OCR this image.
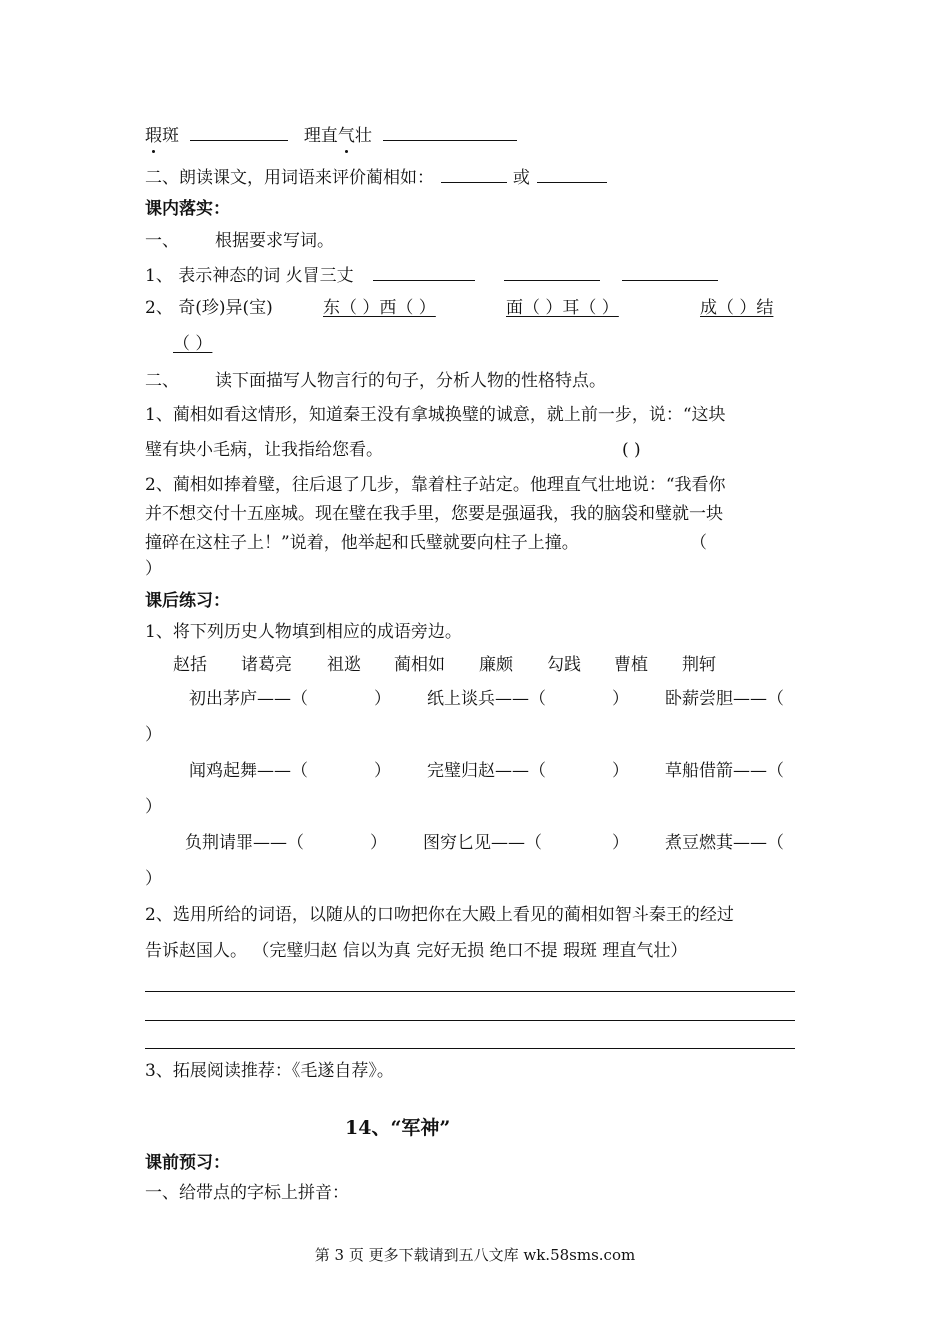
瑕斑	理直气壮
二、朗读课文，用词语来评价蔺相如：	或
课内落实：
一、 根据要求写词。
1、 表示神态的词 火冒三丈
2、 奇(珍)异(宝)	东（ ）西（ ）	面（ ）耳（ ）	成（ ）结
（ ）
二、 读下面描写人物言行的句子，分析人物的性格特点。
1、蔺相如看这情形，知道秦王没有拿城换璧的诚意，就上前一步，说：“这块
璧有块小毛病，让我指给您看。	( )
2、蔺相如捧着璧，往后退了几步，靠着柱子站定。他理直气壮地说：“我看你
并不想交付十五座城。现在璧在我手里，您要是强逼我，我的脑袋和璧就一块
撞碎在这柱子上！”说着，他举起和氏璧就要向柱子上撞。	（
）
课后练习：
1、将下列历史人物填到相应的成语旁边。
赵括 诸葛亮 祖逖 蔺相如 廉颇 勾践 曹植 荆轲
初出茅庐——（	） 纸上谈兵——（	） 卧薪尝胆——（
）
闻鸡起舞——（	） 完璧归赵——（	） 草船借箭——（
）
负荆请罪——（	） 图穷匕见——（	） 煮豆燃萁——（
）
2、选用所给的词语，以随从的口吻把你在大殿上看见的蔺相如智斗秦王的经过
告诉赵国人。 （完璧归赵 信以为真 完好无损 绝口不提 瑕斑 理直气壮）
3、拓展阅读推荐：《毛遂自荐》。
14、“军神”
课前预习：
一、给带点的字标上拼音：
第 3 页 更多下载请到五八文库 wk.58sms.com
